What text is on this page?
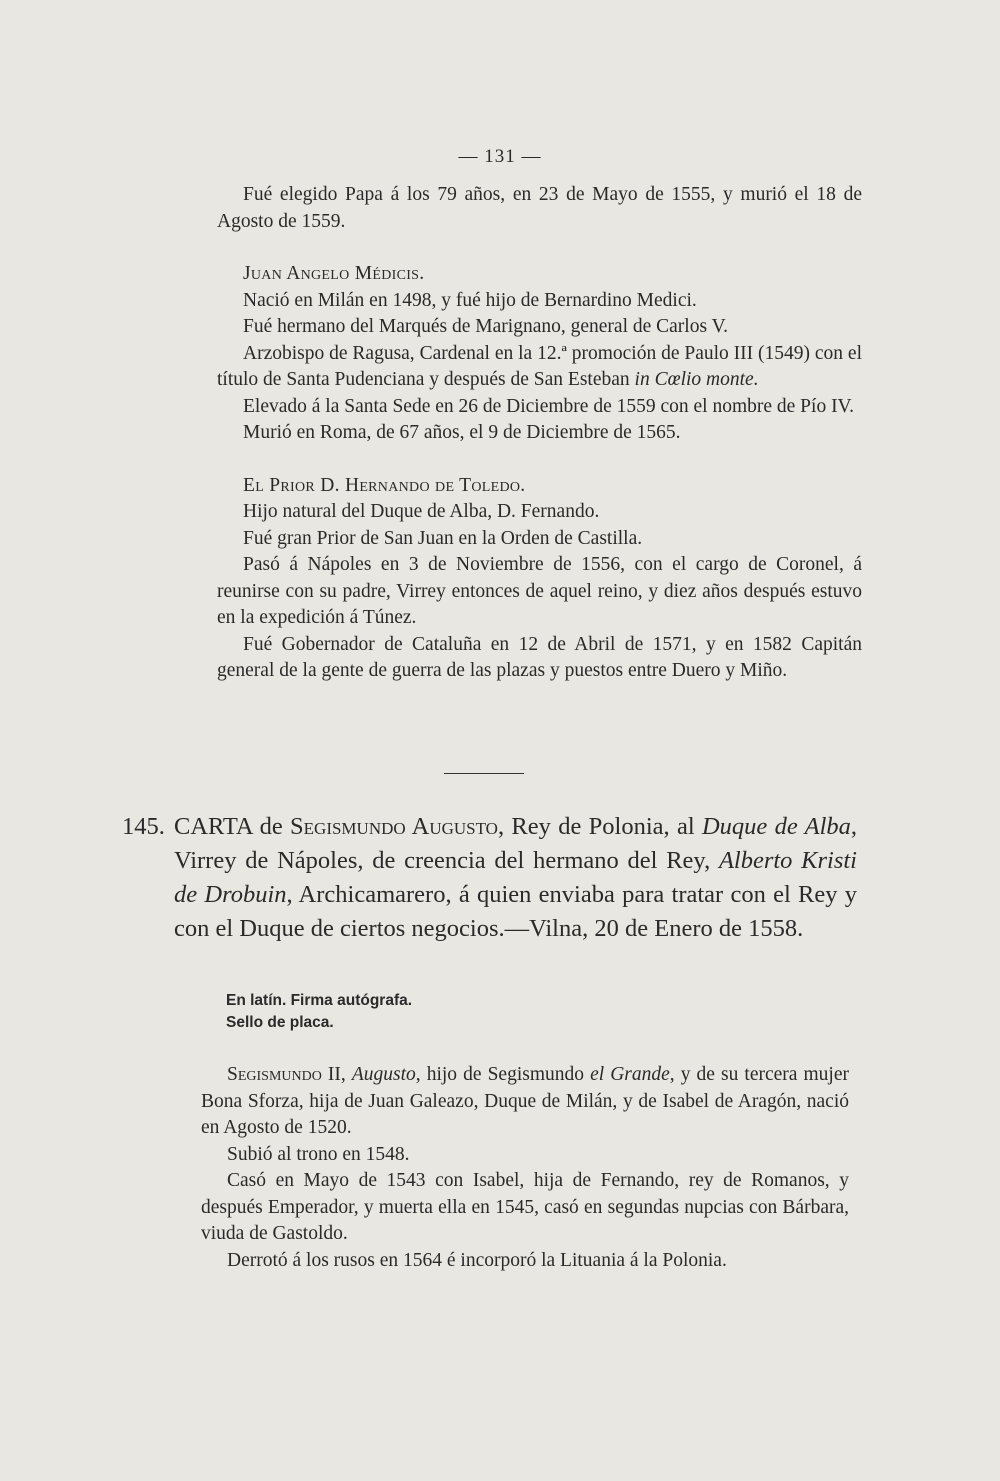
— 131 —

Fué elegido Papa á los 79 años, en 23 de Mayo de 1555, y murió el 18 de Agosto de 1559.

Juan Angelo Médicis.

Nació en Milán en 1498, y fué hijo de Bernardino Medici.

Fué hermano del Marqués de Marignano, general de Carlos V.

Arzobispo de Ragusa, Cardenal en la 12.ª promoción de Paulo III (1549) con el título de Santa Pudenciana y después de San Esteban in Cœlio monte.

Elevado á la Santa Sede en 26 de Diciembre de 1559 con el nombre de Pío IV.

Murió en Roma, de 67 años, el 9 de Diciembre de 1565.

El Prior D. Hernando de Toledo.

Hijo natural del Duque de Alba, D. Fernando.

Fué gran Prior de San Juan en la Orden de Castilla.

Pasó á Nápoles en 3 de Noviembre de 1556, con el cargo de Coronel, á reunirse con su padre, Virrey entonces de aquel reino, y diez años después estuvo en la expedición á Túnez.

Fué Gobernador de Cataluña en 12 de Abril de 1571, y en 1582 Capitán general de la gente de guerra de las plazas y puestos entre Duero y Miño.

145. CARTA de Segismundo Augusto, Rey de Polonia, al Duque de Alba, Virrey de Nápoles, de creencia del hermano del Rey, Alberto Kristi de Drobuin, Archicamarero, á quien enviaba para tratar con el Rey y con el Duque de ciertos negocios.—Vilna, 20 de Enero de 1558.

En latín. Firma autógrafa.

Sello de placa.

Segismundo II, Augusto, hijo de Segismundo el Grande, y de su tercera mujer Bona Sforza, hija de Juan Galeazo, Duque de Milán, y de Isabel de Aragón, nació en Agosto de 1520.

Subió al trono en 1548.

Casó en Mayo de 1543 con Isabel, hija de Fernando, rey de Romanos, y después Emperador, y muerta ella en 1545, casó en segundas nupcias con Bárbara, viuda de Gastoldo.

Derrotó á los rusos en 1564 é incorporó la Lituania á la Polonia.
